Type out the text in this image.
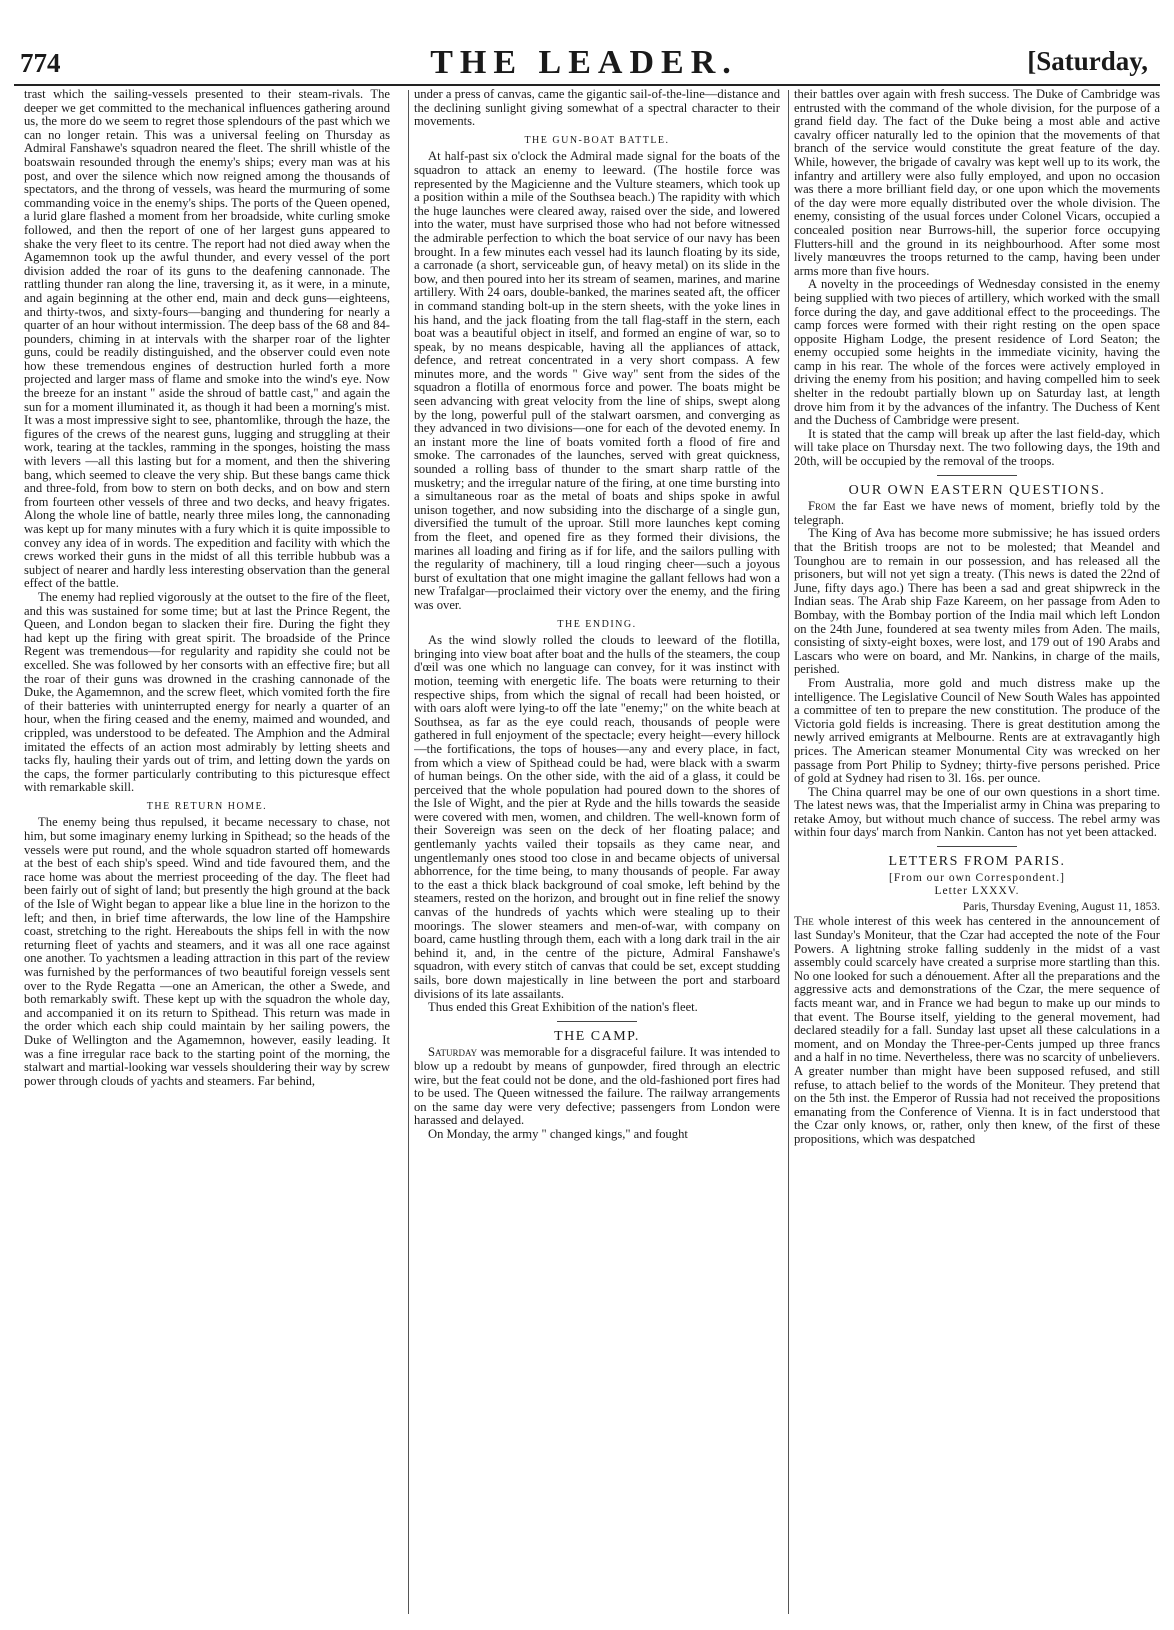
774	THE LEADER.	[Saturday,

trast which the sailing-vessels presented to their steam-rivals. The deeper we get committed to the mechanical influences gathering around us, the more do we seem to regret those splendours of the past which we can no longer retain. This was a universal feeling on Thursday as Admiral Fanshawe's squadron neared the fleet. The shrill whistle of the boatswain resounded through the enemy's ships; every man was at his post, and over the silence which now reigned among the thousands of spectators, and the throng of vessels, was heard the murmuring of some commanding voice in the enemy's ships. The ports of the Queen opened, a lurid glare flashed a moment from her broadside, white curling smoke followed, and then the report of one of her largest guns appeared to shake the very fleet to its centre. The report had not died away when the Agamemnon took up the awful thunder, and every vessel of the port division added the roar of its guns to the deafening cannonade. The rattling thunder ran along the line, traversing it, as it were, in a minute, and again beginning at the other end, main and deck guns—eighteens, and thirty-twos, and sixty-fours—banging and thundering for nearly a quarter of an hour without intermission. The deep bass of the 68 and 84-pounders, chiming in at intervals with the sharper roar of the lighter guns, could be readily distinguished, and the observer could even note how these tremendous engines of destruction hurled forth a more projected and larger mass of flame and smoke into the wind's eye. Now the breeze for an instant " aside the shroud of battle cast," and again the sun for a moment illuminated it, as though it had been a morning's mist. It was a most impressive sight to see, phantomlike, through the haze, the figures of the crews of the nearest guns, lugging and struggling at their work, tearing at the tackles, ramming in the sponges, hoisting the mass with levers —all this lasting but for a moment, and then the shivering bang, which seemed to cleave the very ship. But these bangs came thick and three-fold, from bow to stern on both decks, and on bow and stern from fourteen other vessels of three and two decks, and heavy frigates. Along the whole line of battle, nearly three miles long, the cannonading was kept up for many minutes with a fury which it is quite impossible to convey any idea of in words. The expedition and facility with which the crews worked their guns in the midst of all this terrible hubbub was a subject of nearer and hardly less interesting observation than the general effect of the battle.

The enemy had replied vigorously at the outset to the fire of the fleet, and this was sustained for some time; but at last the Prince Regent, the Queen, and London began to slacken their fire. During the fight they had kept up the firing with great spirit. The broadside of the Prince Regent was tremendous—for regularity and rapidity she could not be excelled. She was followed by her consorts with an effective fire; but all the roar of their guns was drowned in the crashing cannonade of the Duke, the Agamemnon, and the screw fleet, which vomited forth the fire of their batteries with uninterrupted energy for nearly a quarter of an hour, when the firing ceased and the enemy, maimed and wounded, and crippled, was understood to be defeated. The Amphion and the Admiral imitated the effects of an action most admirably by letting sheets and tacks fly, hauling their yards out of trim, and letting down the yards on the caps, the former particularly contributing to this picturesque effect with remarkable skill.

THE RETURN HOME.

The enemy being thus repulsed, it became necessary to chase, not him, but some imaginary enemy lurking in Spithead; so the heads of the vessels were put round, and the whole squadron started off homewards at the best of each ship's speed. Wind and tide favoured them, and the race home was about the merriest proceeding of the day. The fleet had been fairly out of sight of land; but presently the high ground at the back of the Isle of Wight began to appear like a blue line in the horizon to the left; and then, in brief time afterwards, the low line of the Hampshire coast, stretching to the right. Hereabouts the ships fell in with the now returning fleet of yachts and steamers, and it was all one race against one another. To yachtsmen a leading attraction in this part of the review was furnished by the performances of two beautiful foreign vessels sent over to the Ryde Regatta —one an American, the other a Swede, and both remarkably swift. These kept up with the squadron the whole day, and accompanied it on its return to Spithead. This return was made in the order which each ship could maintain by her sailing powers, the Duke of Wellington and the Agamemnon, however, easily leading. It was a fine irregular race back to the starting point of the morning, the stalwart and martial-looking war vessels shouldering their way by screw power through clouds of yachts and steamers. Far behind,

under a press of canvas, came the gigantic sail-of-the-line—distance and the declining sunlight giving somewhat of a spectral character to their movements.

THE GUN-BOAT BATTLE.

At half-past six o'clock the Admiral made signal for the boats of the squadron to attack an enemy to leeward. (The hostile force was represented by the Magicienne and the Vulture steamers, which took up a position within a mile of the Southsea beach.) The rapidity with which the huge launches were cleared away, raised over the side, and lowered into the water, must have surprised those who had not before witnessed the admirable perfection to which the boat service of our navy has been brought. In a few minutes each vessel had its launch floating by its side, a carronade (a short, serviceable gun, of heavy metal) on its slide in the bow, and then poured into her its stream of seamen, marines, and marine artillery. With 24 oars, double-banked, the marines seated aft, the officer in command standing bolt-up in the stern sheets, with the yoke lines in his hand, and the jack floating from the tall flag-staff in the stern, each boat was a beautiful object in itself, and formed an engine of war, so to speak, by no means despicable, having all the appliances of attack, defence, and retreat concentrated in a very short compass. A few minutes more, and the words " Give way" sent from the sides of the squadron a flotilla of enormous force and power. The boats might be seen advancing with great velocity from the line of ships, swept along by the long, powerful pull of the stalwart oarsmen, and converging as they advanced in two divisions—one for each of the devoted enemy. In an instant more the line of boats vomited forth a flood of fire and smoke. The carronades of the launches, served with great quickness, sounded a rolling bass of thunder to the smart sharp rattle of the musketry; and the irregular nature of the firing, at one time bursting into a simultaneous roar as the metal of boats and ships spoke in awful unison together, and now subsiding into the discharge of a single gun, diversified the tumult of the uproar. Still more launches kept coming from the fleet, and opened fire as they formed their divisions, the marines all loading and firing as if for life, and the sailors pulling with the regularity of machinery, till a loud ringing cheer—such a joyous burst of exultation that one might imagine the gallant fellows had won a new Trafalgar—proclaimed their victory over the enemy, and the firing was over.

THE ENDING.

As the wind slowly rolled the clouds to leeward of the flotilla, bringing into view boat after boat and the hulls of the steamers, the coup d'œil was one which no language can convey, for it was instinct with motion, teeming with energetic life. The boats were returning to their respective ships, from which the signal of recall had been hoisted, or with oars aloft were lying-to off the late "enemy;" on the white beach at Southsea, as far as the eye could reach, thousands of people were gathered in full enjoyment of the spectacle; every height—every hillock—the fortifications, the tops of houses—any and every place, in fact, from which a view of Spithead could be had, were black with a swarm of human beings. On the other side, with the aid of a glass, it could be perceived that the whole population had poured down to the shores of the Isle of Wight, and the pier at Ryde and the hills towards the seaside were covered with men, women, and children. The well-known form of their Sovereign was seen on the deck of her floating palace; and gentlemanly yachts vailed their topsails as they came near, and ungentlemanly ones stood too close in and became objects of universal abhorrence, for the time being, to many thousands of people. Far away to the east a thick black background of coal smoke, left behind by the steamers, rested on the horizon, and brought out in fine relief the snowy canvas of the hundreds of yachts which were stealing up to their moorings. The slower steamers and men-of-war, with company on board, came hustling through them, each with a long dark trail in the air behind it, and, in the centre of the picture, Admiral Fanshawe's squadron, with every stitch of canvas that could be set, except studding sails, bore down majestically in line between the port and starboard divisions of its late assailants.

Thus ended this Great Exhibition of the nation's fleet.

THE CAMP.

Saturday was memorable for a disgraceful failure. It was intended to blow up a redoubt by means of gunpowder, fired through an electric wire, but the feat could not be done, and the old-fashioned port fires had to be used. The Queen witnessed the failure. The railway arrangements on the same day were very defective; passengers from London were harassed and delayed.

On Monday, the army " changed kings," and fought

their battles over again with fresh success. The Duke of Cambridge was entrusted with the command of the whole division, for the purpose of a grand field day. The fact of the Duke being a most able and active cavalry officer naturally led to the opinion that the movements of that branch of the service would constitute the great feature of the day. While, however, the brigade of cavalry was kept well up to its work, the infantry and artillery were also fully employed, and upon no occasion was there a more brilliant field day, or one upon which the movements of the day were more equally distributed over the whole division. The enemy, consisting of the usual forces under Colonel Vicars, occupied a concealed position near Burrows-hill, the superior force occupying Flutters-hill and the ground in its neighbourhood. After some most lively manœuvres the troops returned to the camp, having been under arms more than five hours.

A novelty in the proceedings of Wednesday consisted in the enemy being supplied with two pieces of artillery, which worked with the small force during the day, and gave additional effect to the proceedings. The camp forces were formed with their right resting on the open space opposite Higham Lodge, the present residence of Lord Seaton; the enemy occupied some heights in the immediate vicinity, having the camp in his rear. The whole of the forces were actively employed in driving the enemy from his position; and having compelled him to seek shelter in the redoubt partially blown up on Saturday last, at length drove him from it by the advances of the infantry. The Duchess of Kent and the Duchess of Cambridge were present.

It is stated that the camp will break up after the last field-day, which will take place on Thursday next. The two following days, the 19th and 20th, will be occupied by the removal of the troops.

OUR OWN EASTERN QUESTIONS.

From the far East we have news of moment, briefly told by the telegraph.

The King of Ava has become more submissive; he has issued orders that the British troops are not to be molested; that Meandel and Tounghou are to remain in our possession, and has released all the prisoners, but will not yet sign a treaty. (This news is dated the 22nd of June, fifty days ago.) There has been a sad and great shipwreck in the Indian seas. The Arab ship Faze Kareem, on her passage from Aden to Bombay, with the Bombay portion of the India mail which left London on the 24th June, foundered at sea twenty miles from Aden. The mails, consisting of sixty-eight boxes, were lost, and 179 out of 190 Arabs and Lascars who were on board, and Mr. Nankins, in charge of the mails, perished.

From Australia, more gold and much distress make up the intelligence. The Legislative Council of New South Wales has appointed a committee of ten to prepare the new constitution. The produce of the Victoria gold fields is increasing. There is great destitution among the newly arrived emigrants at Melbourne. Rents are at extravagantly high prices. The American steamer Monumental City was wrecked on her passage from Port Philip to Sydney; thirty-five persons perished. Price of gold at Sydney had risen to 3l. 16s. per ounce.

The China quarrel may be one of our own questions in a short time. The latest news was, that the Imperialist army in China was preparing to retake Amoy, but without much chance of success. The rebel army was within four days' march from Nankin. Canton has not yet been attacked.

LETTERS FROM PARIS.

[From our own Correspondent.]

Letter LXXXV.

Paris, Thursday Evening, August 11, 1853.

The whole interest of this week has centered in the announcement of last Sunday's Moniteur, that the Czar had accepted the note of the Four Powers. A lightning stroke falling suddenly in the midst of a vast assembly could scarcely have created a surprise more startling than this. No one looked for such a dénouement. After all the preparations and the aggressive acts and demonstrations of the Czar, the mere sequence of facts meant war, and in France we had begun to make up our minds to that event. The Bourse itself, yielding to the general movement, had declared steadily for a fall. Sunday last upset all these calculations in a moment, and on Monday the Three-per-Cents jumped up three francs and a half in no time. Nevertheless, there was no scarcity of unbelievers. A greater number than might have been supposed refused, and still refuse, to attach belief to the words of the Moniteur. They pretend that on the 5th inst. the Emperor of Russia had not received the propositions emanating from the Conference of Vienna. It is in fact understood that the Czar only knows, or, rather, only then knew, of the first of these propositions, which was despatched
